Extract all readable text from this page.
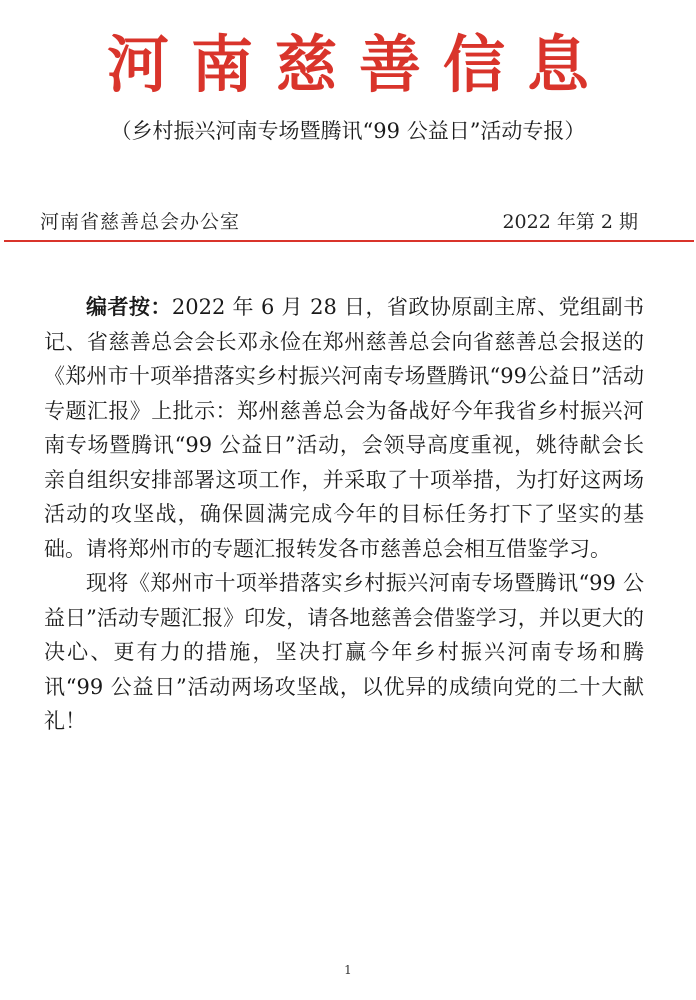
河南慈善信息
（乡村振兴河南专场暨腾讯“99 公益日”活动专报）
河南省慈善总会办公室	2022 年第 2 期

编者按：2022 年 6 月 28 日，省政协原副主席、党组副书记、省慈善总会会长邓永俭在郑州慈善总会向省慈善总会报送的《郑州市十项举措落实乡村振兴河南专场暨腾讯“99公益日”活动专题汇报》上批示：郑州慈善总会为备战好今年我省乡村振兴河南专场暨腾讯“99 公益日”活动，会领导高度重视，姚待献会长亲自组织安排部署这项工作，并采取了十项举措，为打好这两场活动的攻坚战，确保圆满完成今年的目标任务打下了坚实的基础。请将郑州市的专题汇报转发各市慈善总会相互借鉴学习。

现将《郑州市十项举措落实乡村振兴河南专场暨腾讯“99 公益日”活动专题汇报》印发，请各地慈善会借鉴学习，并以更大的决心、更有力的措施，坚决打赢今年乡村振兴河南专场和腾讯“99 公益日”活动两场攻坚战，以优异的成绩向党的二十大献礼！

1
